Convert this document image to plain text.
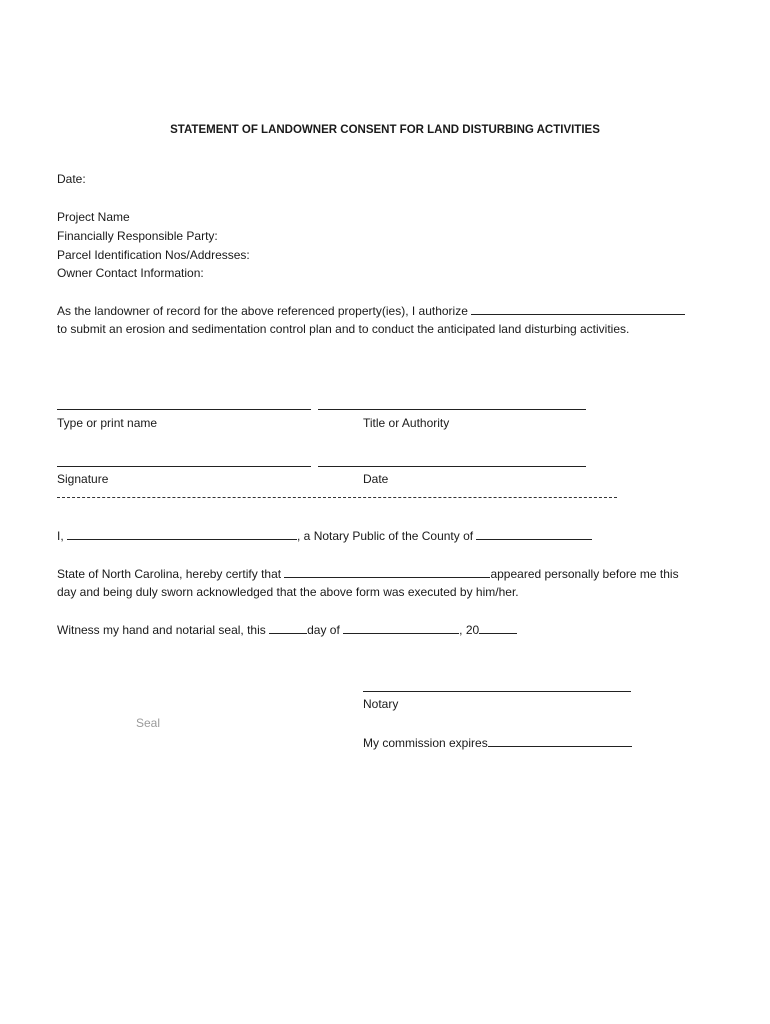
STATEMENT OF LANDOWNER CONSENT FOR LAND DISTURBING ACTIVITIES
Date:
Project Name
Financially Responsible Party:
Parcel Identification Nos/Addresses:
Owner Contact Information:
As the landowner of record for the above referenced property(ies), I authorize
to submit an erosion and sedimentation control plan and to conduct the anticipated land disturbing activities.
Type or print name	Title or Authority
Signature	Date
I,	, a Notary Public of the County of
State of North Carolina, hereby certify that	appeared personally before me this
day and being duly sworn acknowledged that the above form was executed by him/her.
Witness my hand and notarial seal, this	day of	, 20
Notary
Seal
My commission expires
